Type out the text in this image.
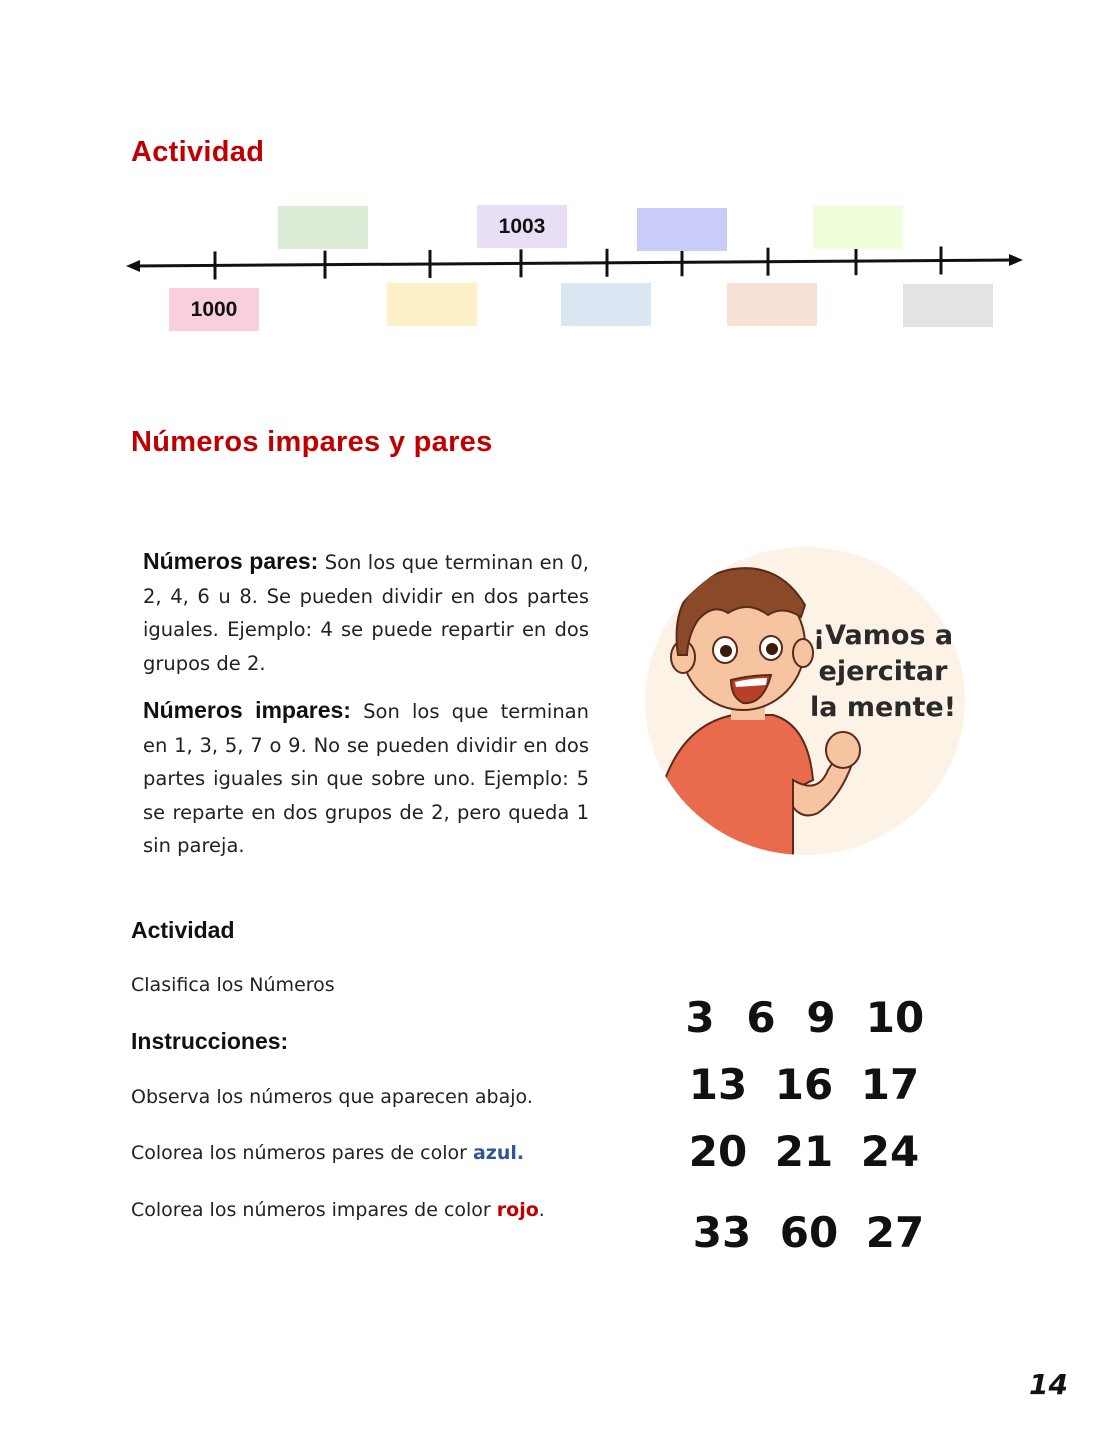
Actividad
1000
1003
Números impares y pares

Números pares: Son los que terminan en 0, 2, 4, 6 u 8. Se pueden dividir en dos partes iguales. Ejemplo: 4 se puede repartir en dos grupos de 2.

Números impares: Son los que terminan en 1, 3, 5, 7 o 9. No se pueden dividir en dos partes iguales sin que sobre uno. Ejemplo: 5 se reparte en dos grupos de 2, pero queda 1 sin pareja.

¡Vamos a ejercitar la mente!
Actividad

Clasifica los Números

Instrucciones:

Observa los números que aparecen abajo.

Colorea los números pares de color azul.

Colorea los números impares de color rojo.

3 6 9 10
13 16 17
20 21 24
33 60 27
14
